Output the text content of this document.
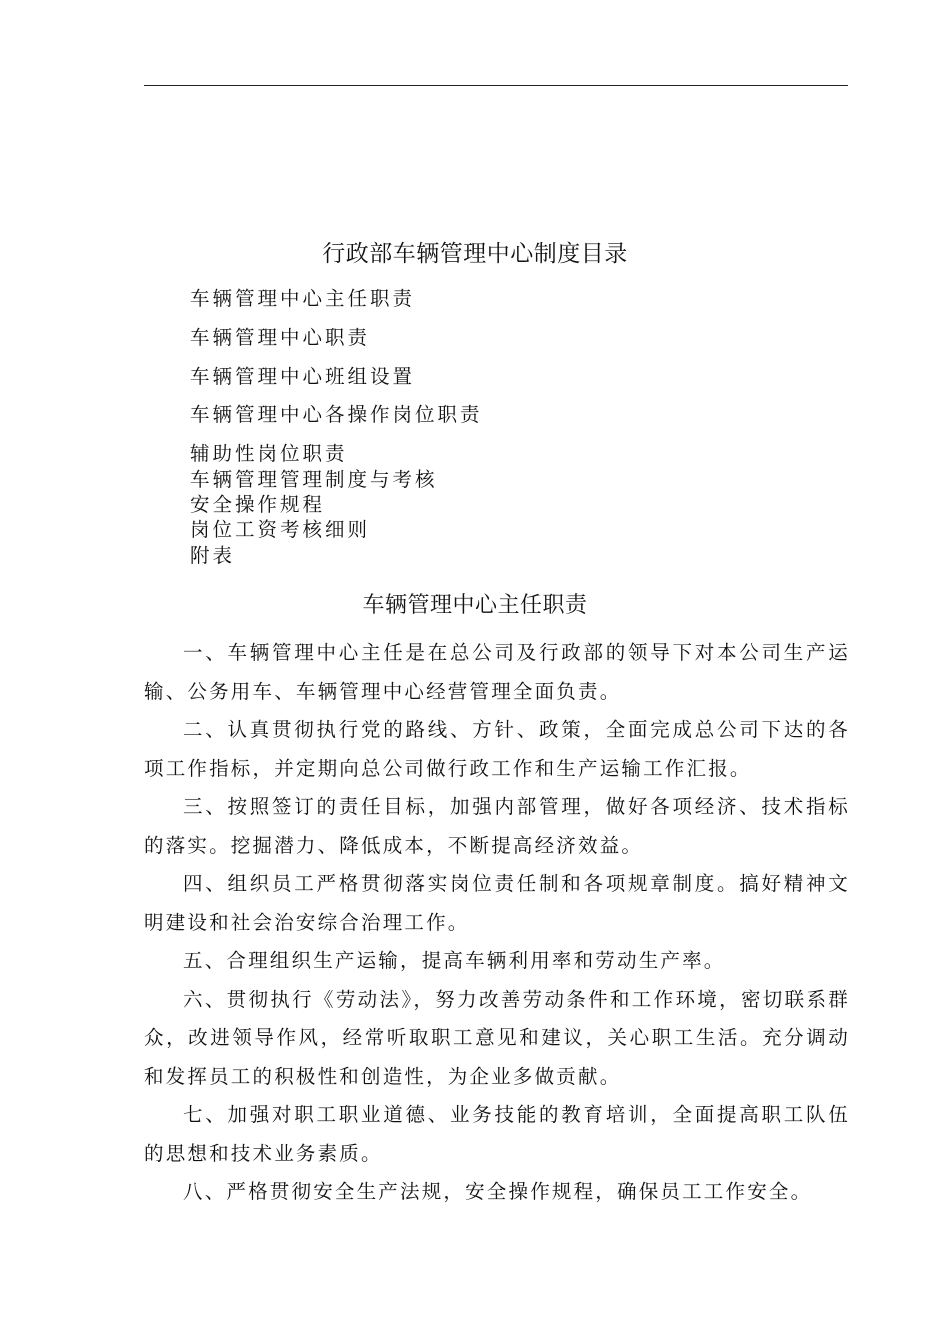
行政部车辆管理中心制度目录
车辆管理中心主任职责
车辆管理中心职责
车辆管理中心班组设置
车辆管理中心各操作岗位职责
辅助性岗位职责
车辆管理管理制度与考核
安全操作规程
岗位工资考核细则
附表
车辆管理中心主任职责

一、车辆管理中心主任是在总公司及行政部的领导下对本公司生产运输、公务用车、车辆管理中心经营管理全面负责。

二、认真贯彻执行党的路线、方针、政策，全面完成总公司下达的各项工作指标，并定期向总公司做行政工作和生产运输工作汇报。

三、按照签订的责任目标，加强内部管理，做好各项经济、技术指标的落实。挖掘潜力、降低成本，不断提高经济效益。

四、组织员工严格贯彻落实岗位责任制和各项规章制度。搞好精神文明建设和社会治安综合治理工作。

五、合理组织生产运输，提高车辆利用率和劳动生产率。

六、贯彻执行《劳动法》，努力改善劳动条件和工作环境，密切联系群众，改进领导作风，经常听取职工意见和建议，关心职工生活。充分调动和发挥员工的积极性和创造性，为企业多做贡献。

七、加强对职工职业道德、业务技能的教育培训，全面提高职工队伍的思想和技术业务素质。

八、严格贯彻安全生产法规，安全操作规程，确保员工工作安全。
